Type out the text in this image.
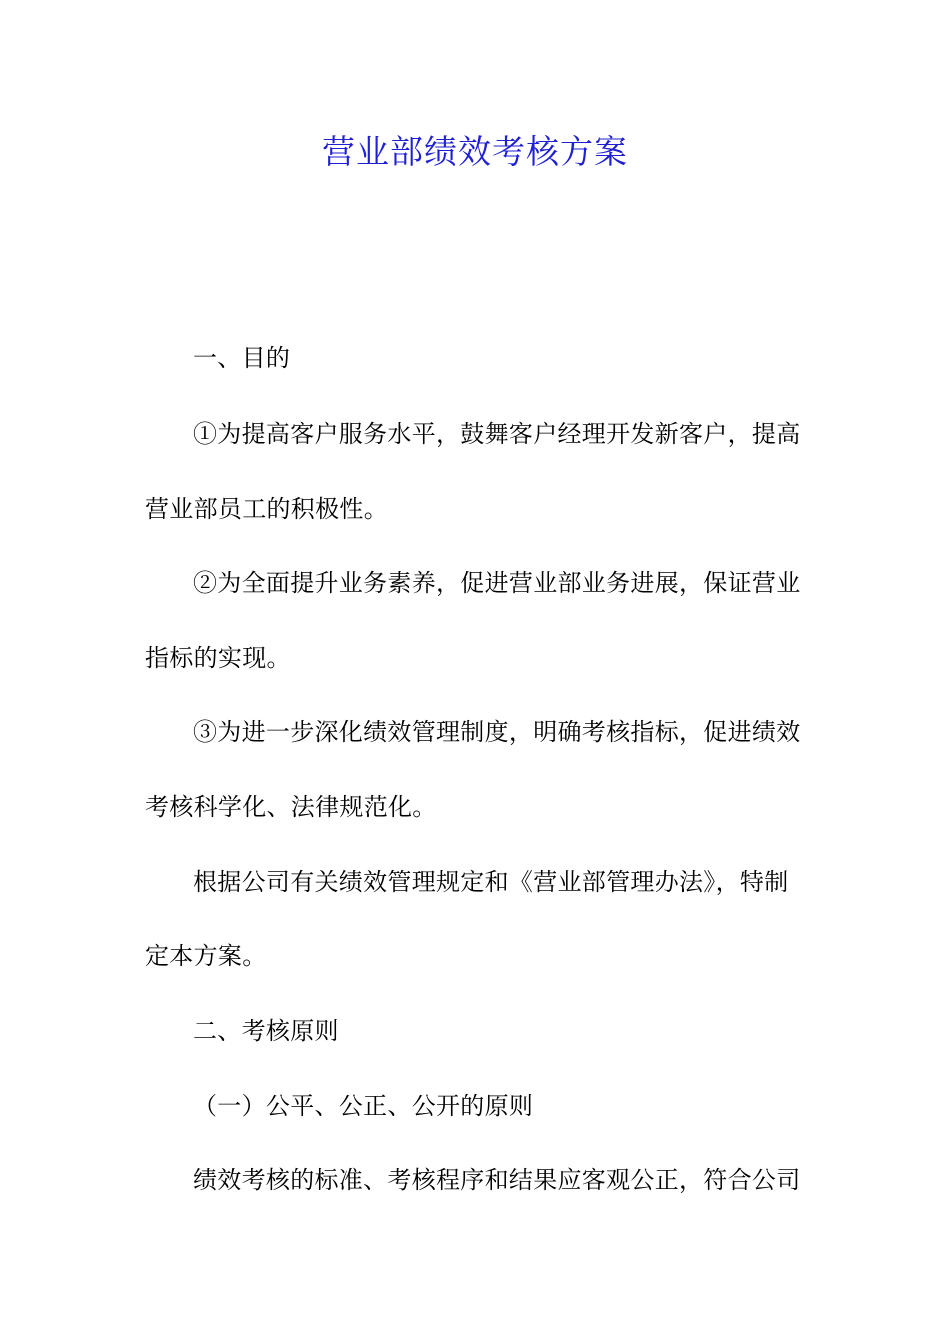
营业部绩效考核方案
一、目的
①为提高客户服务水平，鼓舞客户经理开发新客户，提高
营业部员工的积极性。
②为全面提升业务素养，促进营业部业务进展，保证营业
指标的实现。
③为进一步深化绩效管理制度，明确考核指标，促进绩效
考核科学化、法律规范化。
根据公司有关绩效管理规定和《营业部管理办法》，特制
定本方案。
二、考核原则
（一）公平、公正、公开的原则
绩效考核的标准、考核程序和结果应客观公正，符合公司
